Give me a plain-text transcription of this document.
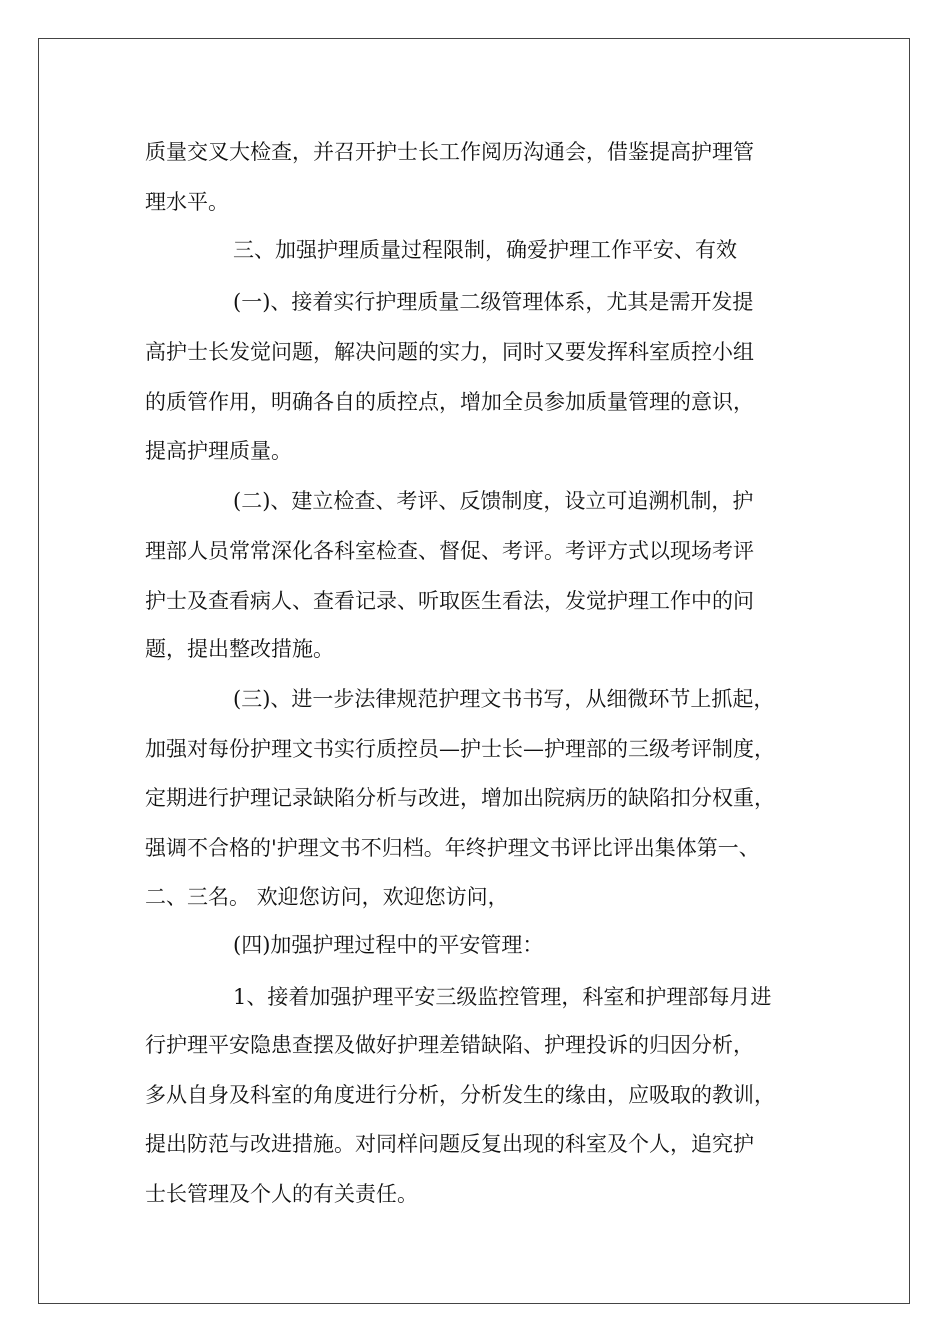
质量交叉大检查，并召开护士长工作阅历沟通会，借鉴提高护理管
理水平。
三、加强护理质量过程限制，确爱护理工作平安、有效
(一)、接着实行护理质量二级管理体系，尤其是需开发提
高护士长发觉问题，解决问题的实力，同时又要发挥科室质控小组
的质管作用，明确各自的质控点，增加全员参加质量管理的意识，
提高护理质量。
(二)、建立检查、考评、反馈制度，设立可追溯机制，护
理部人员常常深化各科室检查、督促、考评。考评方式以现场考评
护士及查看病人、查看记录、听取医生看法，发觉护理工作中的问
题，提出整改措施。
(三)、进一步法律规范护理文书书写，从细微环节上抓起，
加强对每份护理文书实行质控员—护士长—护理部的三级考评制度，
定期进行护理记录缺陷分析与改进，增加出院病历的缺陷扣分权重，
强调不合格的'护理文书不归档。年终护理文书评比评出集体第一、
二、三名。 欢迎您访问，欢迎您访问，
(四)加强护理过程中的平安管理：
1、接着加强护理平安三级监控管理，科室和护理部每月进
行护理平安隐患查摆及做好护理差错缺陷、护理投诉的归因分析，
多从自身及科室的角度进行分析，分析发生的缘由，应吸取的教训，
提出防范与改进措施。对同样问题反复出现的科室及个人，追究护
士长管理及个人的有关责任。
